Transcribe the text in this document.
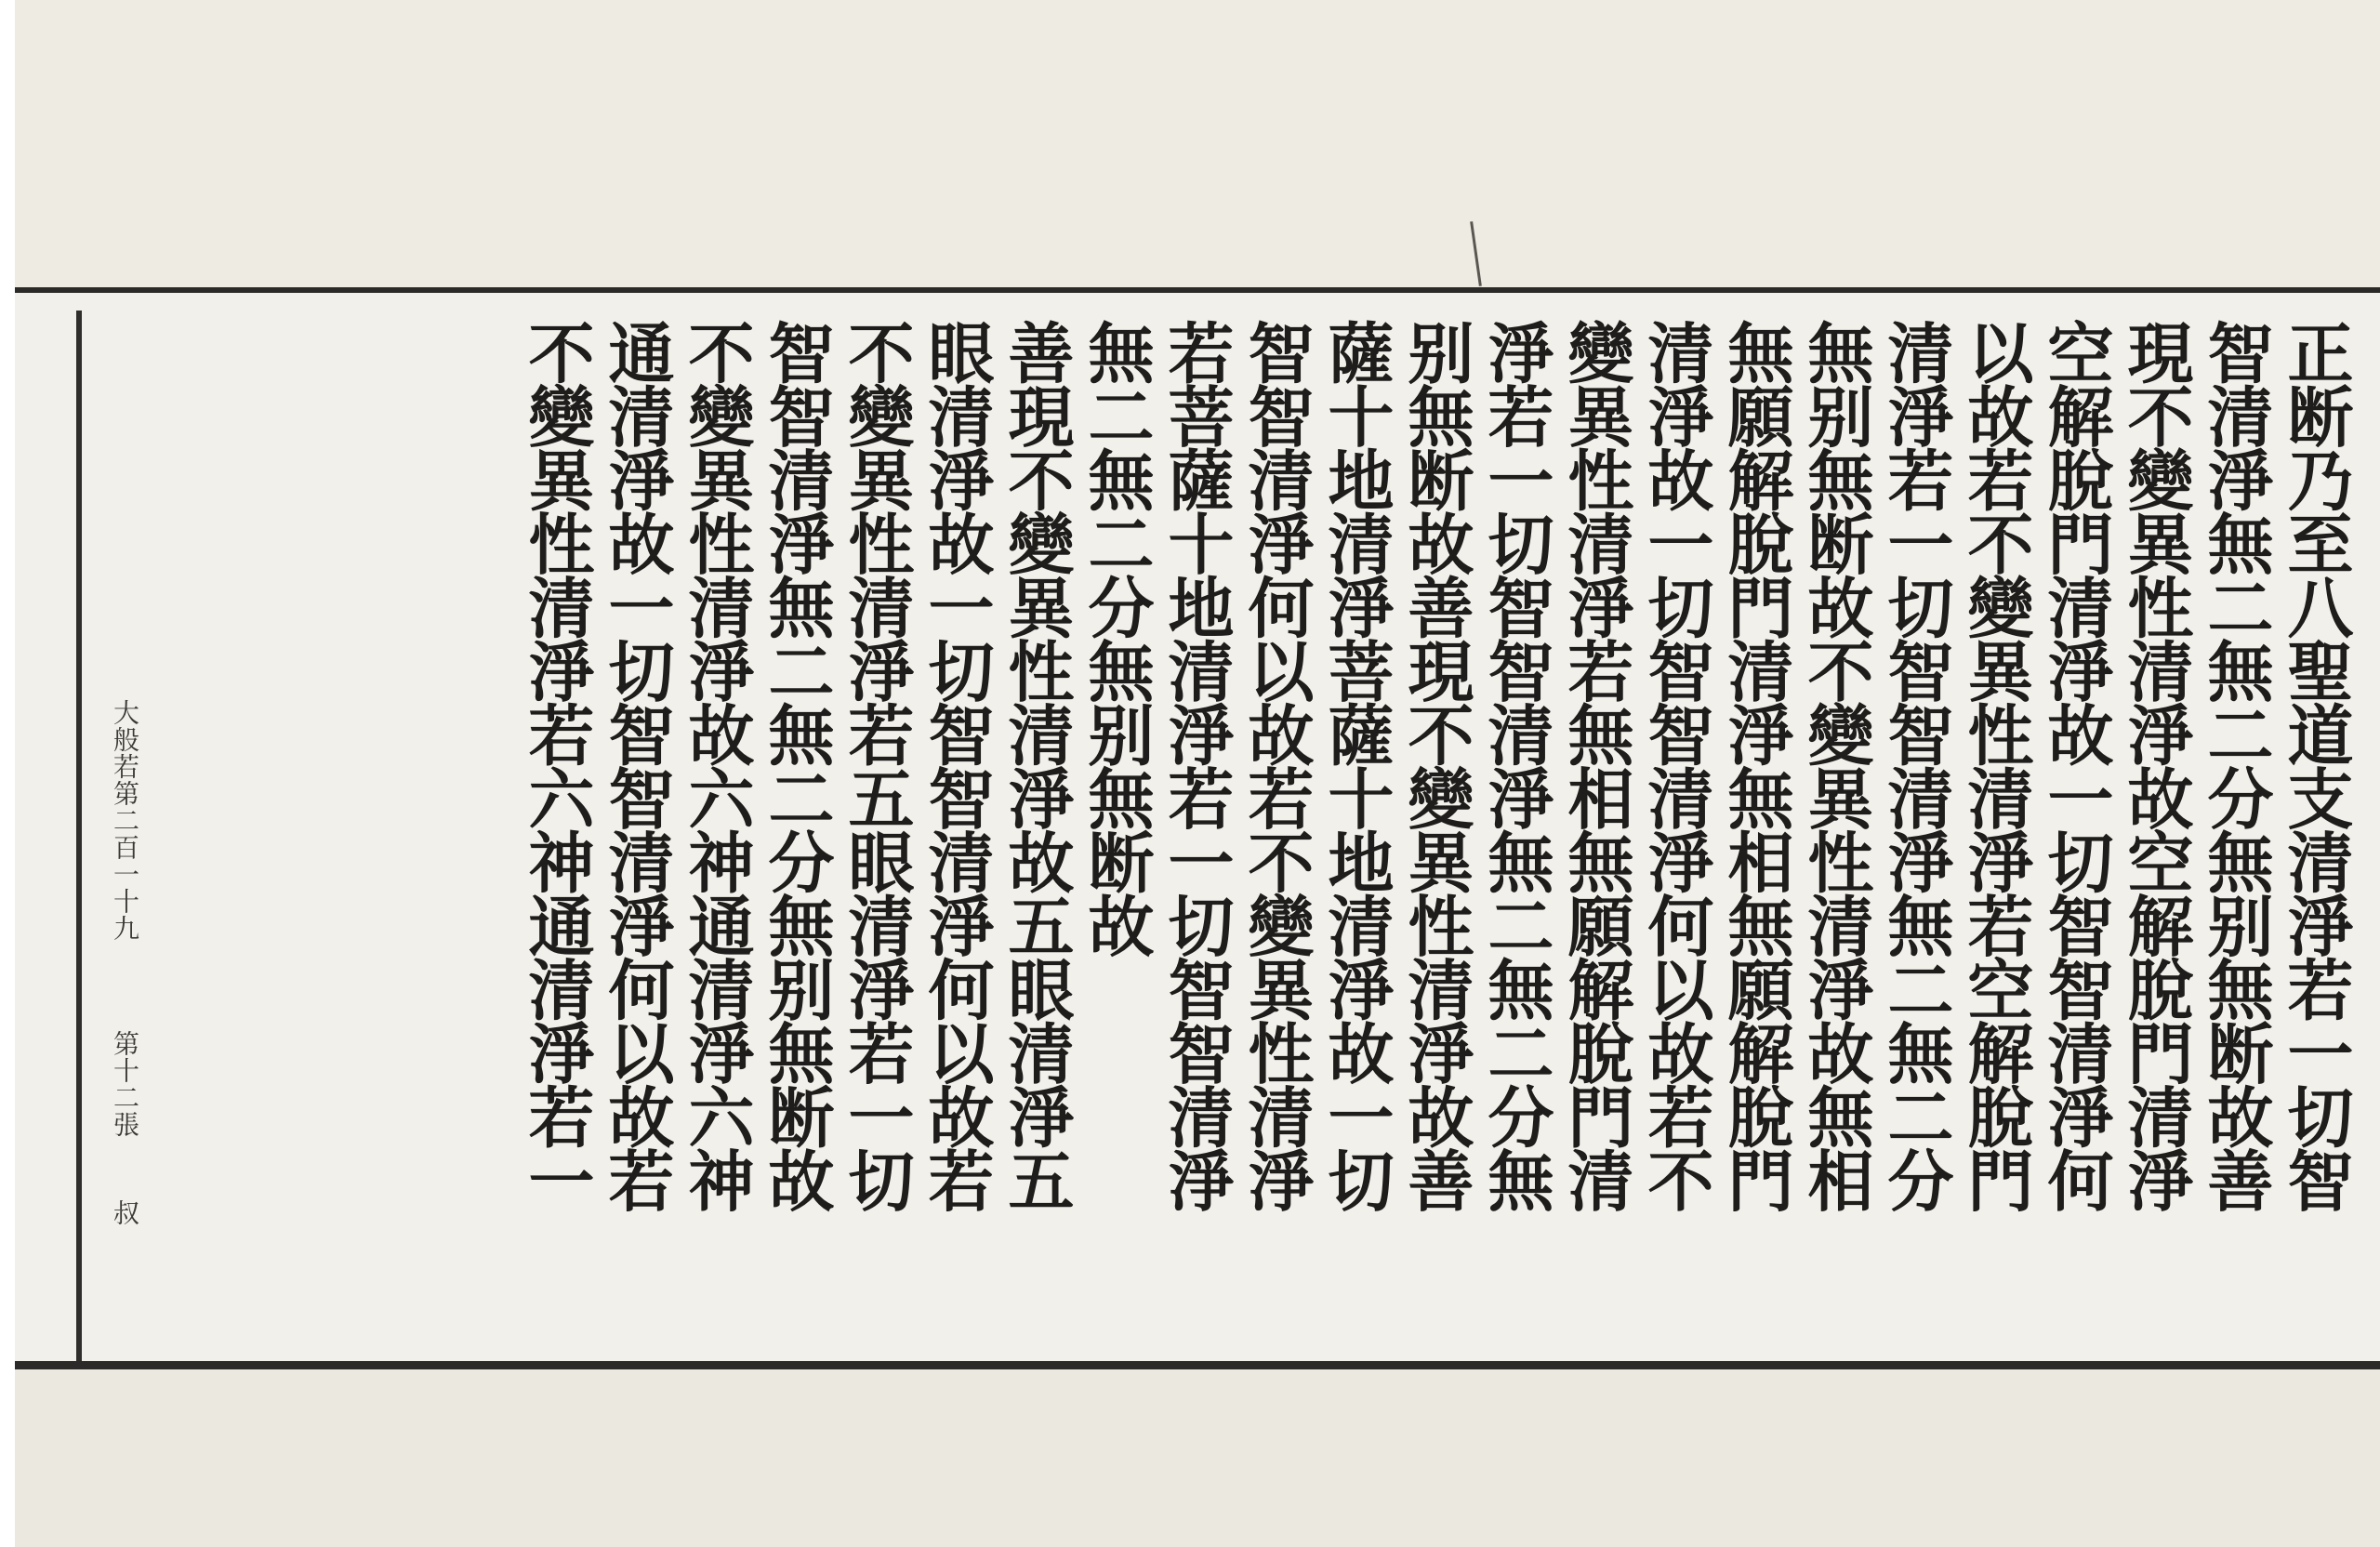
正断乃至八聖道支清淨若一切智
智清淨無二無二分無别無断故善
現不變異性清淨故空解脫門清淨
空解脫門清淨故一切智智清淨何
以故若不變異性清淨若空解脫門
清淨若一切智智清淨無二無二分
無别無断故不變異性清淨故無相
無願解脫門清淨無相無願解脫門
清淨故一切智智清淨何以故若不
變異性清淨若無相無願解脫門清
淨若一切智智清淨無二無二分無
别無断故善現不變異性清淨故善
薩十地清淨菩薩十地清淨故一切
智智清淨何以故若不變異性清淨
若菩薩十地清淨若一切智智清淨
無二無二分無别無断故
善現不變異性清淨故五眼清淨五
眼清淨故一切智智清淨何以故若
不變異性清淨若五眼清淨若一切
智智清淨無二無二分無别無断故
不變異性清淨故六神通清淨六神
通清淨故一切智智清淨何以故若
不變異性清淨若六神通清淨若一
大般若第二百一十九
第十二張
叔
